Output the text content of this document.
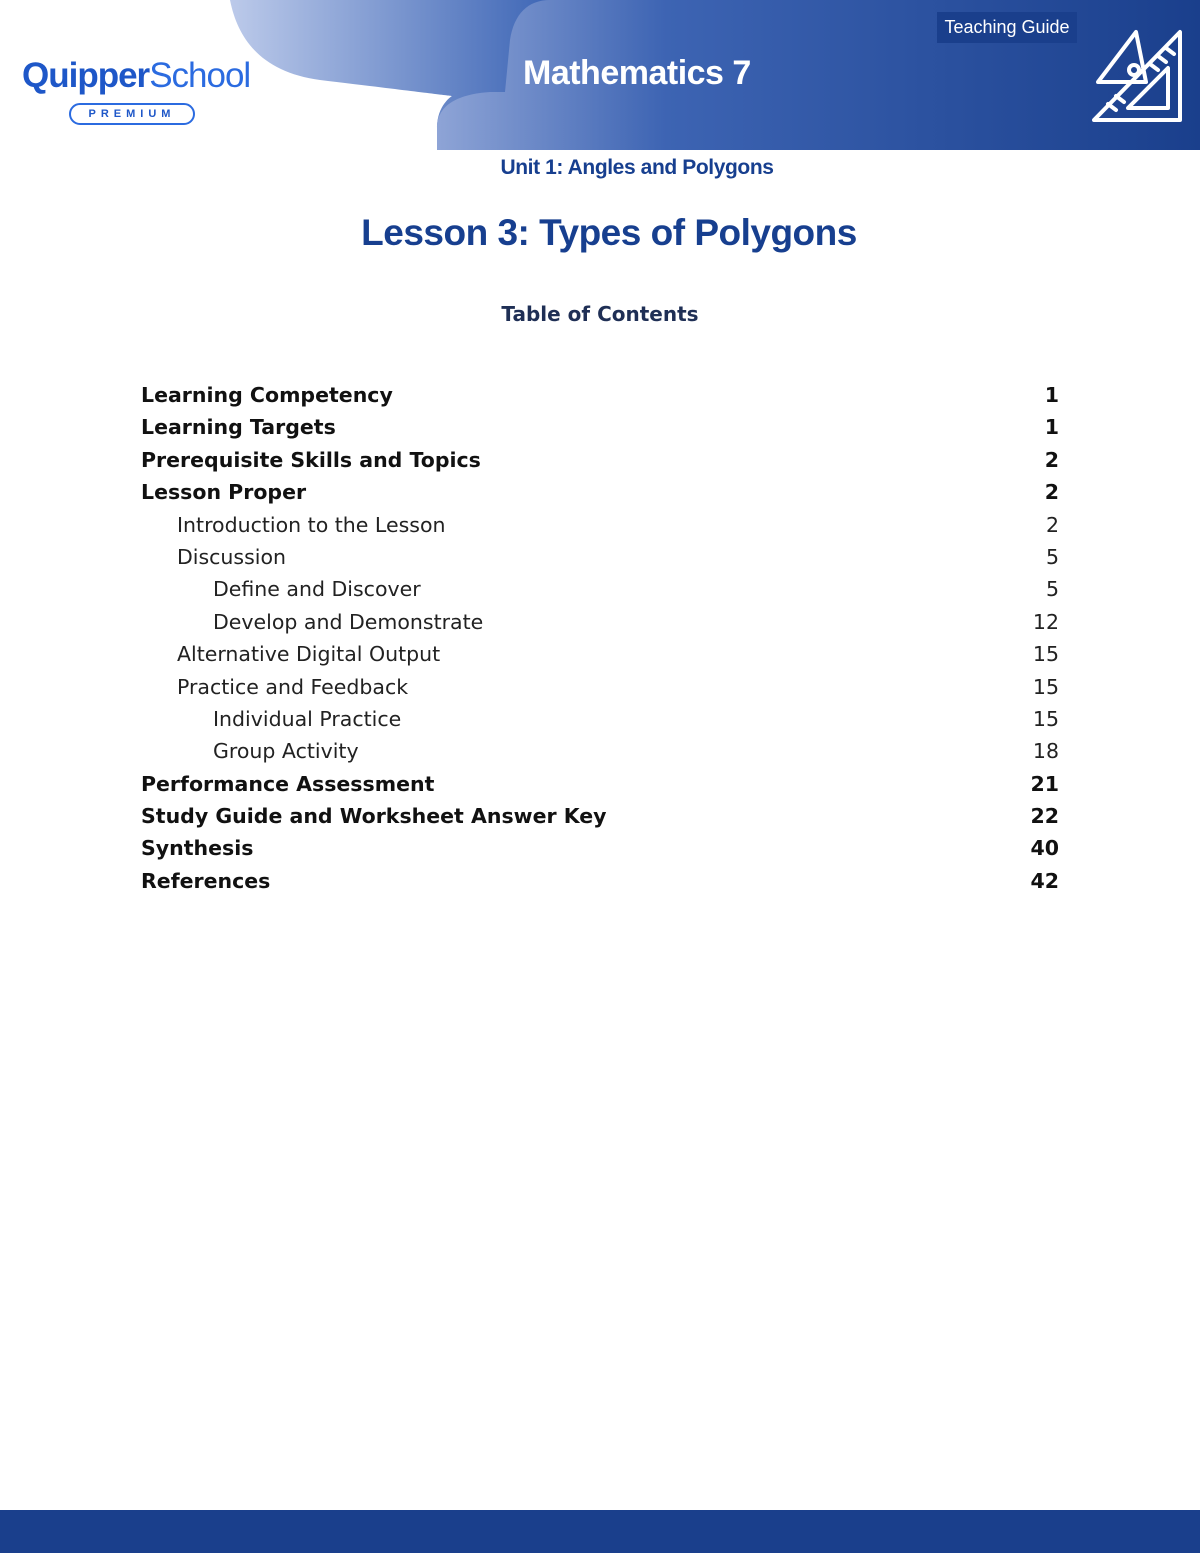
QuipperSchool
PREMIUM
Mathematics 7
Teaching Guide
Unit 1: Angles and Polygons
Lesson 3: Types of Polygons
Table of Contents
Learning Competency	1
Learning Targets	1
Prerequisite Skills and Topics	2
Lesson Proper	2
Introduction to the Lesson	2
Discussion	5
Define and Discover	5
Develop and Demonstrate	12
Alternative Digital Output	15
Practice and Feedback	15
Individual Practice	15
Group Activity	18
Performance Assessment	21
Study Guide and Worksheet Answer Key	22
Synthesis	40
References	42
